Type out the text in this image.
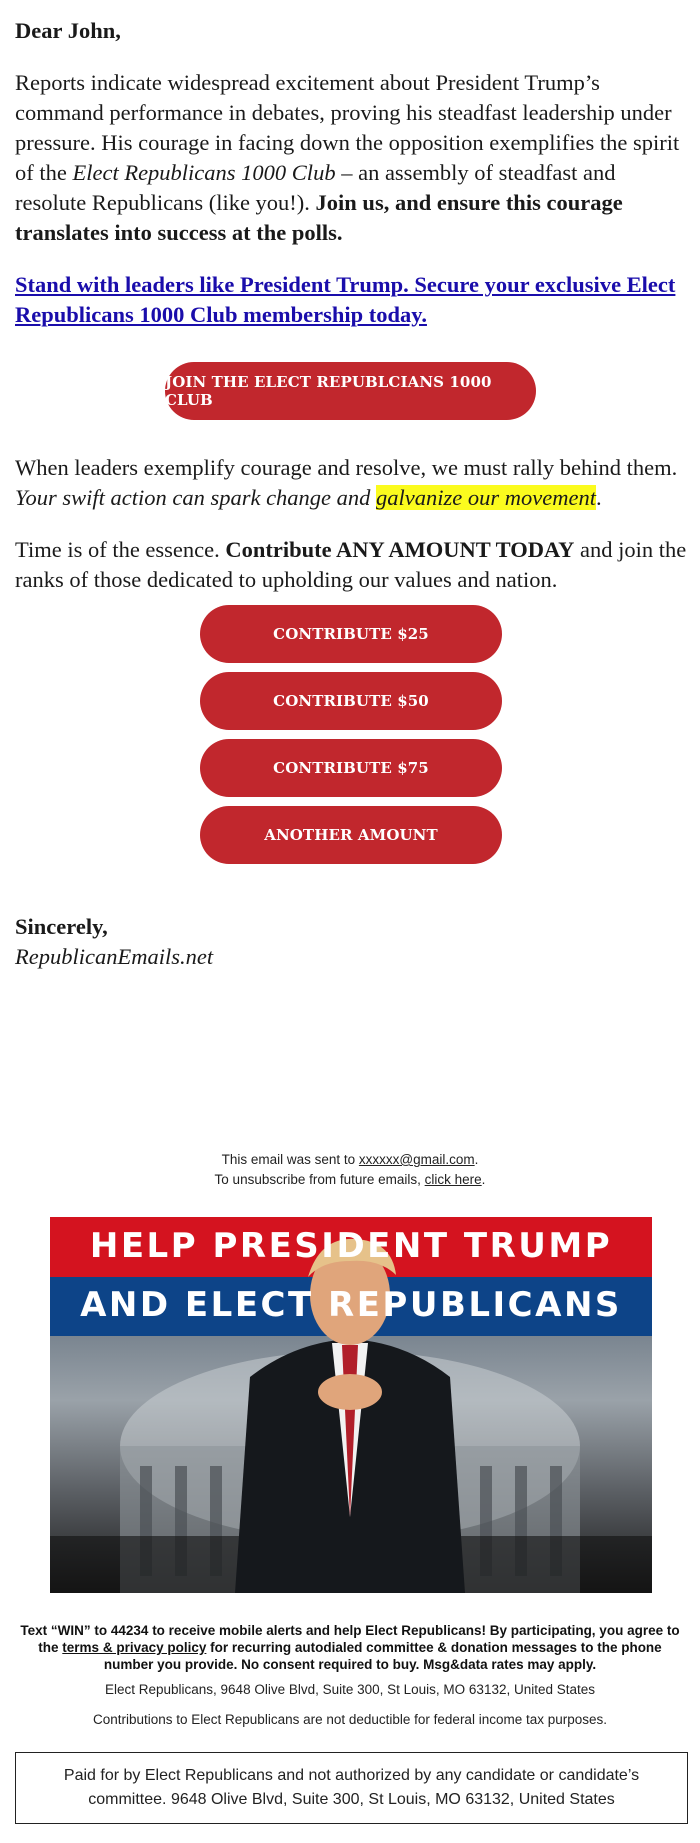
Dear John,

Reports indicate widespread excitement about President Trump’s command performance in debates, proving his steadfast leadership under pressure. His courage in facing down the opposition exemplifies the spirit of the Elect Republicans 1000 Club – an assembly of steadfast and resolute Republicans (like you!). Join us, and ensure this courage translates into success at the polls.

Stand with leaders like President Trump. Secure your exclusive Elect Republicans 1000 Club membership today.

JOIN THE ELECT REPUBLCIANS 1000 CLUB

When leaders exemplify courage and resolve, we must rally behind them. Your swift action can spark change and galvanize our movement.

Time is of the essence. Contribute ANY AMOUNT TODAY and join the ranks of those dedicated to upholding our values and nation.

CONTRIBUTE $25
CONTRIBUTE $50
CONTRIBUTE $75
ANOTHER AMOUNT

Sincerely,

RepublicanEmails.net

This email was sent to xxxxxx@gmail.com.
To unsubscribe from future emails, click here.
HELP PRESIDENT TRUMP
AND ELECT REPUBLICANS

Text “WIN” to 44234 to receive mobile alerts and help Elect Republicans! By participating, you agree to the terms & privacy policy for recurring autodialed committee & donation messages to the phone number you provide. No consent required to buy. Msg&data rates may apply.

Elect Republicans, 9648 Olive Blvd, Suite 300, St Louis, MO 63132, United States

Contributions to Elect Republicans are not deductible for federal income tax purposes.

Paid for by Elect Republicans and not authorized by any candidate or candidate’s committee. 9648 Olive Blvd, Suite 300, St Louis, MO 63132, United States
